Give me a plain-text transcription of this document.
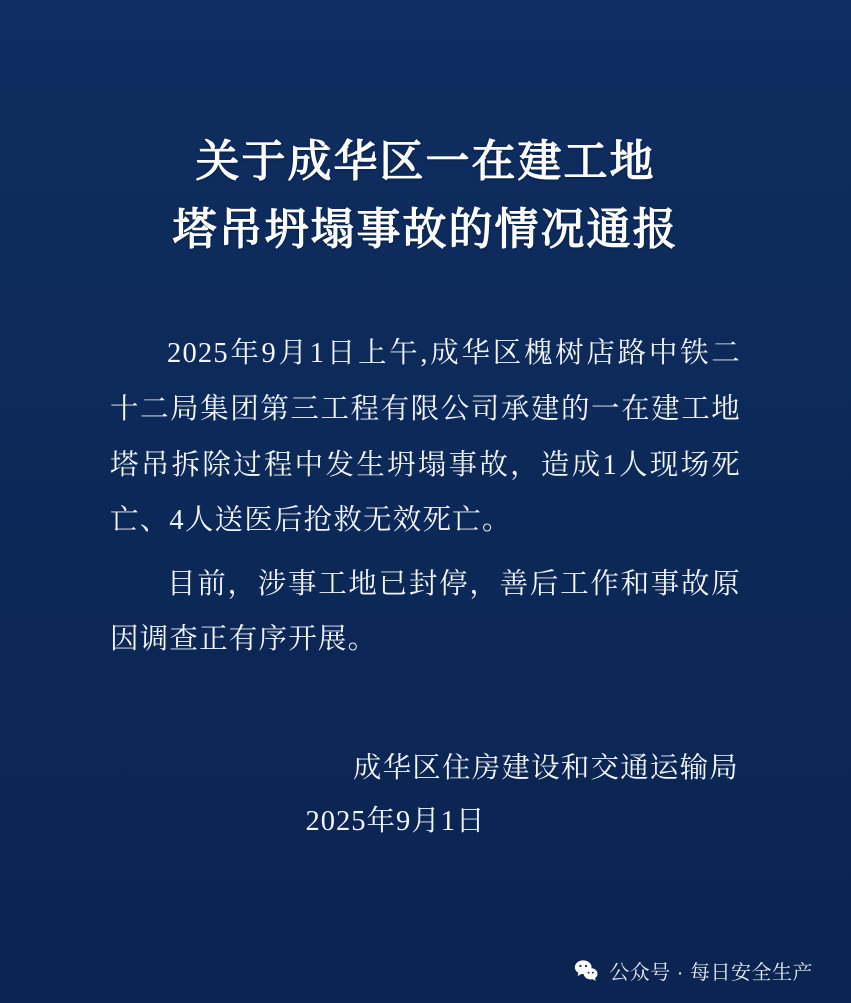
关于成华区一在建工地
塔吊坍塌事故的情况通报

2025年9月1日上午,成华区槐树店路中铁二十二局集团第三工程有限公司承建的一在建工地塔吊拆除过程中发生坍塌事故，造成1人现场死亡、4人送医后抢救无效死亡。

目前，涉事工地已封停，善后工作和事故原因调查正有序开展。

成华区住房建设和交通运输局
2025年9月1日
公众号 · 每日安全生产
